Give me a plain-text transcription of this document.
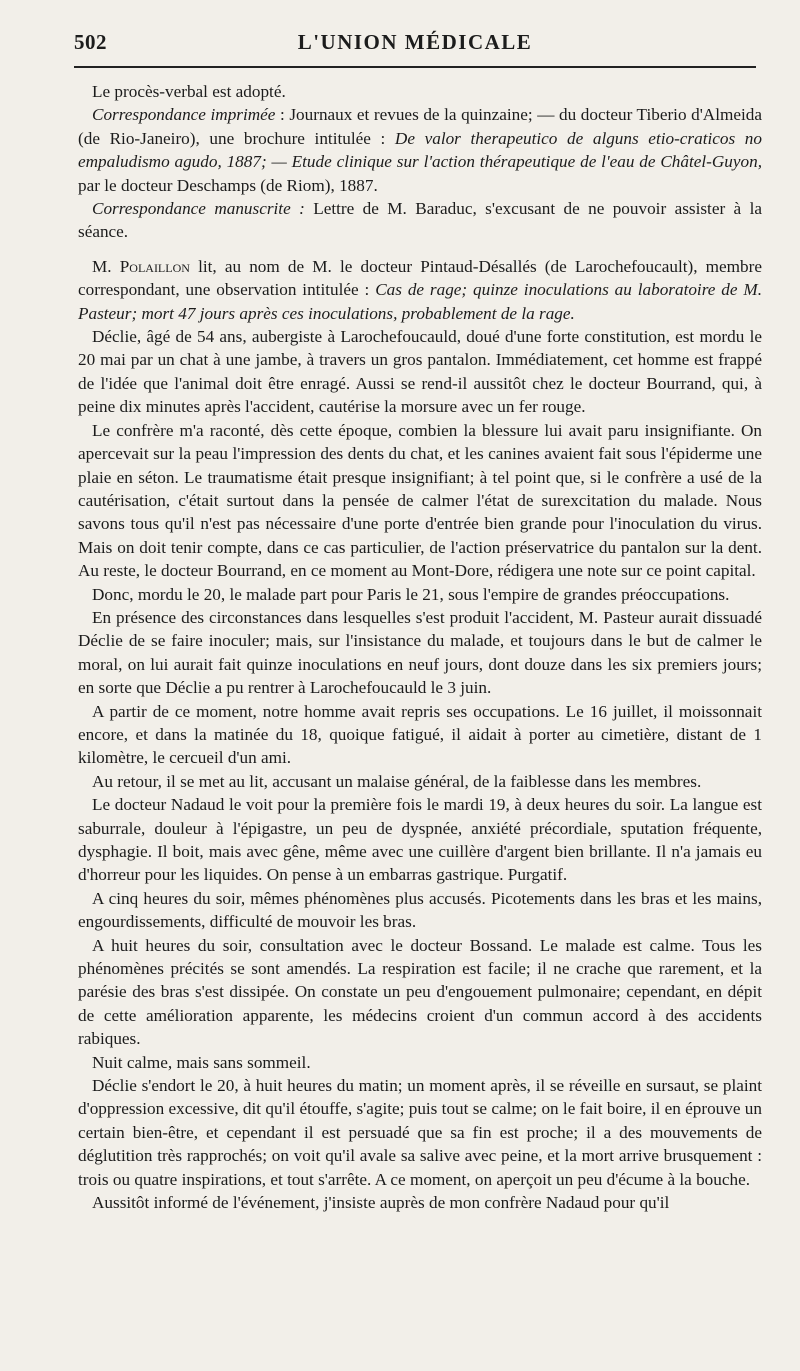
502	L'UNION MÉDICALE

Le procès-verbal est adopté.

Correspondance imprimée : Journaux et revues de la quinzaine; — du docteur Tiberio d'Almeida (de Rio-Janeiro), une brochure intitulée : De valor therapeutico de alguns etio-craticos no empaludismo agudo, 1887; — Etude clinique sur l'action thérapeutique de l'eau de Châtel-Guyon, par le docteur Deschamps (de Riom), 1887.

Correspondance manuscrite : Lettre de M. Baraduc, s'excusant de ne pouvoir assister à la séance.

M. Polaillon lit, au nom de M. le docteur Pintaud-Désallés (de Larochefoucault), membre correspondant, une observation intitulée : Cas de rage; quinze inoculations au laboratoire de M. Pasteur; mort 47 jours après ces inoculations, probablement de la rage.

Déclie, âgé de 54 ans, aubergiste à Larochefoucauld, doué d'une forte constitution, est mordu le 20 mai par un chat à une jambe, à travers un gros pantalon. Immédiatement, cet homme est frappé de l'idée que l'animal doit être enragé. Aussi se rend-il aussitôt chez le docteur Bourrand, qui, à peine dix minutes après l'accident, cautérise la morsure avec un fer rouge.

Le confrère m'a raconté, dès cette époque, combien la blessure lui avait paru insignifiante. On apercevait sur la peau l'impression des dents du chat, et les canines avaient fait sous l'épiderme une plaie en séton. Le traumatisme était presque insignifiant; à tel point que, si le confrère a usé de la cautérisation, c'était surtout dans la pensée de calmer l'état de surexcitation du malade. Nous savons tous qu'il n'est pas nécessaire d'une porte d'entrée bien grande pour l'inoculation du virus. Mais on doit tenir compte, dans ce cas particulier, de l'action préservatrice du pantalon sur la dent. Au reste, le docteur Bourrand, en ce moment au Mont-Dore, rédigera une note sur ce point capital.

Donc, mordu le 20, le malade part pour Paris le 21, sous l'empire de grandes préoccupations.

En présence des circonstances dans lesquelles s'est produit l'accident, M. Pasteur aurait dissuadé Déclie de se faire inoculer; mais, sur l'insistance du malade, et toujours dans le but de calmer le moral, on lui aurait fait quinze inoculations en neuf jours, dont douze dans les six premiers jours; en sorte que Déclie a pu rentrer à Larochefoucauld le 3 juin.

A partir de ce moment, notre homme avait repris ses occupations. Le 16 juillet, il moissonnait encore, et dans la matinée du 18, quoique fatigué, il aidait à porter au cimetière, distant de 1 kilomètre, le cercueil d'un ami.

Au retour, il se met au lit, accusant un malaise général, de la faiblesse dans les membres.

Le docteur Nadaud le voit pour la première fois le mardi 19, à deux heures du soir. La langue est saburrale, douleur à l'épigastre, un peu de dyspnée, anxiété précordiale, sputation fréquente, dysphagie. Il boit, mais avec gêne, même avec une cuillère d'argent bien brillante. Il n'a jamais eu d'horreur pour les liquides. On pense à un embarras gastrique. Purgatif.

A cinq heures du soir, mêmes phénomènes plus accusés. Picotements dans les bras et les mains, engourdissements, difficulté de mouvoir les bras.

A huit heures du soir, consultation avec le docteur Bossand. Le malade est calme. Tous les phénomènes précités se sont amendés. La respiration est facile; il ne crache que rarement, et la parésie des bras s'est dissipée. On constate un peu d'engouement pulmonaire; cependant, en dépit de cette amélioration apparente, les médecins croient d'un commun accord à des accidents rabiques.

Nuit calme, mais sans sommeil.

Déclie s'endort le 20, à huit heures du matin; un moment après, il se réveille en sursaut, se plaint d'oppression excessive, dit qu'il étouffe, s'agite; puis tout se calme; on le fait boire, il en éprouve un certain bien-être, et cependant il est persuadé que sa fin est proche; il a des mouvements de déglutition très rapprochés; on voit qu'il avale sa salive avec peine, et la mort arrive brusquement : trois ou quatre inspirations, et tout s'arrête. A ce moment, on aperçoit un peu d'écume à la bouche.

Aussitôt informé de l'événement, j'insiste auprès de mon confrère Nadaud pour qu'il
